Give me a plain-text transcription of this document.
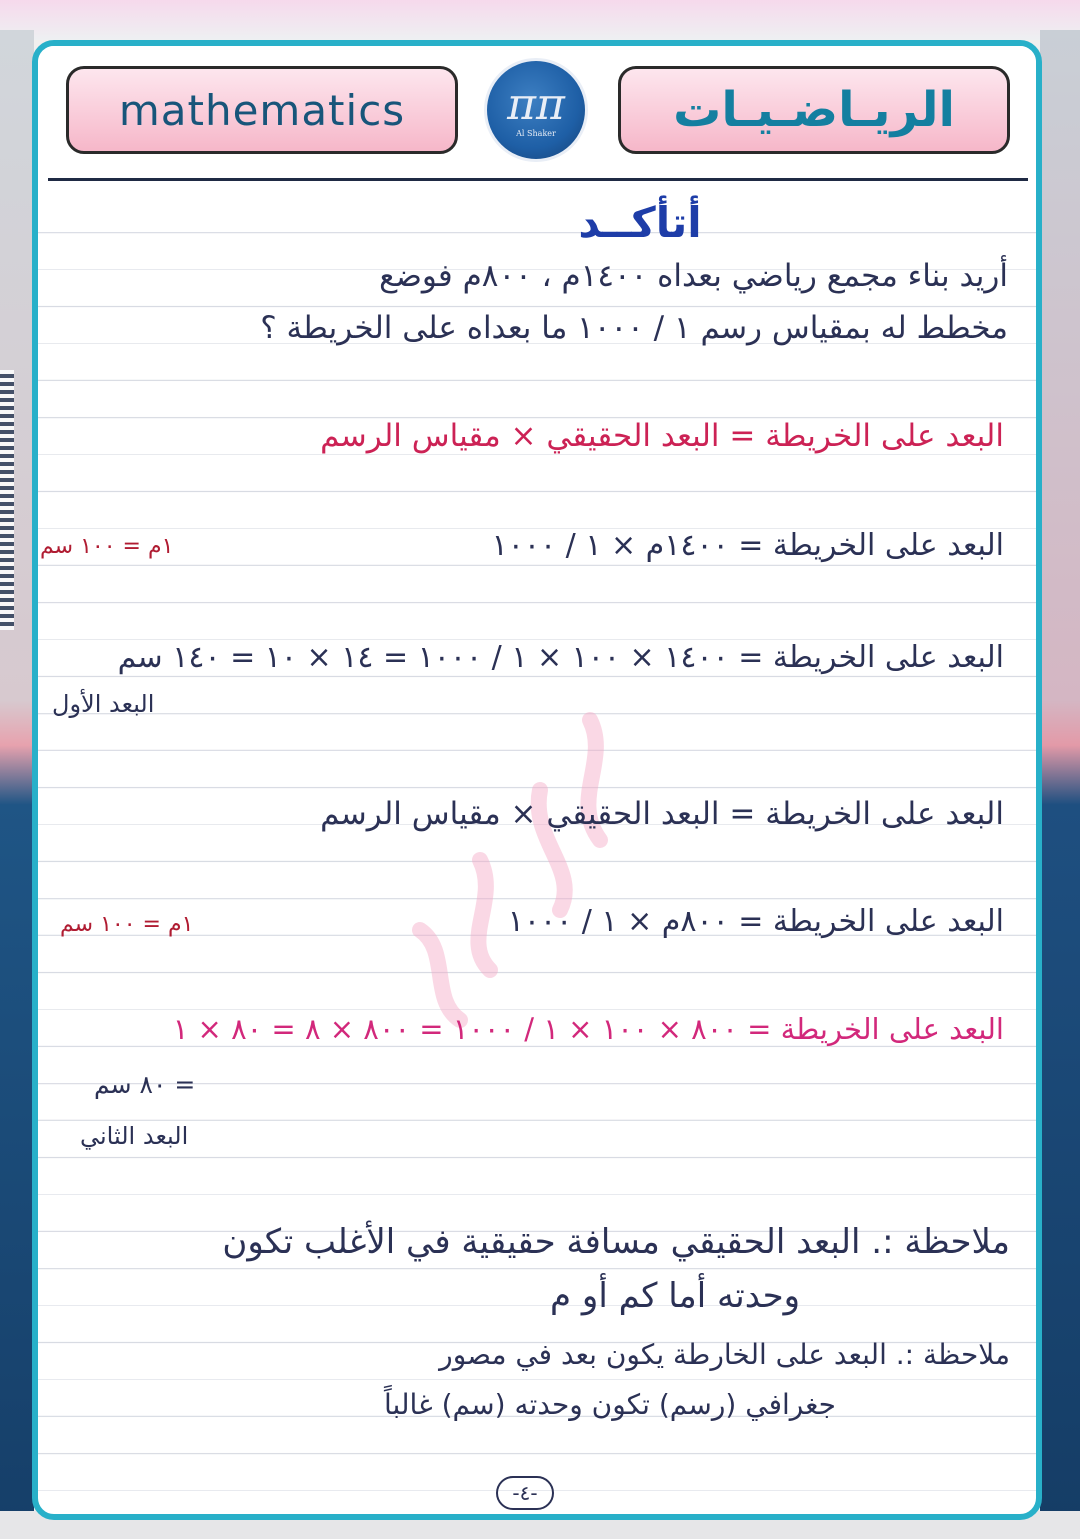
mathematics ππ
Al Shaker الريـاضـيـات
أتأكــد
أريد بناء مجمع رياضي بعداه ١٤٠٠م ، ٨٠٠م فوضع
مخطط له بمقياس رسم ١ / ١٠٠٠ ما بعداه على الخريطة ؟
البعد على الخريطة = البعد الحقيقي × مقياس الرسم
البعد على الخريطة = ١٤٠٠م × ١ / ١٠٠٠
١م = ١٠٠ سم
البعد على الخريطة = ١٤٠٠ × ١٠٠ × ١ / ١٠٠٠ = ١٤ × ١٠ = ١٤٠ سم
البعد الأول
البعد على الخريطة = البعد الحقيقي × مقياس الرسم
البعد على الخريطة = ٨٠٠م × ١ / ١٠٠٠
١م = ١٠٠ سم
البعد على الخريطة = ٨٠٠ × ١٠٠ × ١ / ١٠٠٠ = ٨٠٠ × ٨ = ٨٠ × ١
= ٨٠ سم
البعد الثاني
ملاحظة :. البعد الحقيقي مسافة حقيقية في الأغلب تكون
وحدته أما كم أو م
ملاحظة :. البعد على الخارطة يكون بعد في مصور
جغرافي (رسم) تكون وحدته (سم) غالباً
-٤-
